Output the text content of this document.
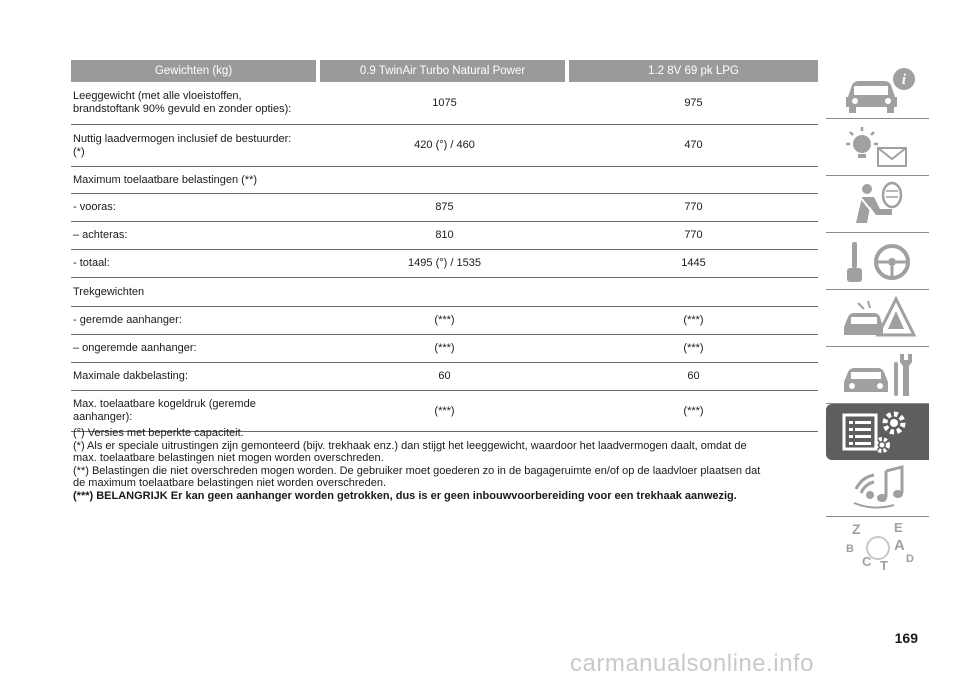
Gewichten (kg)	0.9 TwinAir Turbo Natural Power	1.2 8V 69 pk LPG
Leeggewicht (met alle vloeistoffen,
brandstoftank 90% gevuld en zonder opties):
1075	975
Nuttig laadvermogen inclusief de bestuurder:
(*)
420 (°) / 460	470
Maximum toelaatbare belastingen (**)
- vooras:	875	770
– achteras:	810	770
- totaal:	1495 (°) / 1535	1445
Trekgewichten
- geremde aanhanger:	(***)	(***)
– ongeremde aanhanger:	(***)	(***)
Maximale dakbelasting:	60	60
Max. toelaatbare kogeldruk (geremde
aanhanger):
(***)	(***)
(°) Versies met beperkte capaciteit.
(*) Als er speciale uitrustingen zijn gemonteerd (bijv. trekhaak enz.) dan stijgt het leeggewicht, waardoor het laadvermogen daalt, omdat de
max. toelaatbare belastingen niet mogen worden overschreden.
(**) Belastingen die niet overschreden mogen worden. De gebruiker moet goederen zo in de bagageruimte en/of op de laadvloer plaatsen dat
de maximum toelaatbare belastingen niet worden overschreden.
(***) BELANGRIJK Er kan geen aanhanger worden getrokken, dus is er geen inbouwvoorbereiding voor een trekhaak aanwezig.
i
Z	E
B	A
C	D
T
169
carmanualsonline.info
